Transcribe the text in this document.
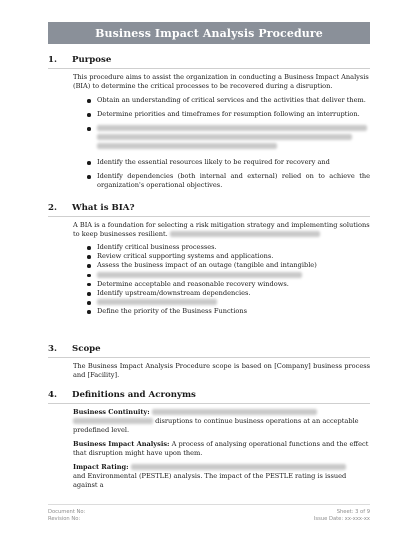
Business Impact Analysis Procedure
1.	Purpose
This procedure aims to assist the organization in conducting a Business Impact Analysis (BIA) to determine the critical processes to be recovered during a disruption.
Obtain an understanding of critical services and the activities that deliver them.
Determine priorities and timeframes for resumption following an interruption.

Identify the essential resources likely to be required for recovery and
Identify dependencies (both internal and external) relied on to achieve the organization's operational objectives.
2.	What is BIA?
A BIA is a foundation for selecting a risk mitigation strategy and implementing solutions to keep businesses resilient.
Identify critical business processes.
Review critical supporting systems and applications.
Assess the business impact of an outage (tangible and intangible)
Determine acceptable and reasonable recovery windows.
Identify upstream/downstream dependencies.
Define the priority of the Business Functions
3.	Scope
The Business Impact Analysis Procedure scope is based on [Company] business process and [Facility].
4.	Definitions and Acronyms
Business Continuity:
disruptions to continue business operations at an acceptable
predefined level.
Business Impact Analysis: A process of analysing operational functions and the effect that disruption might have upon them.
Impact Rating:
and Environmental (PESTLE) analysis. The impact of the PESTLE rating is issued against a
Document No:
Revision No:
Sheet: 3 of 9
Issue Date: xx-xxx-xx
